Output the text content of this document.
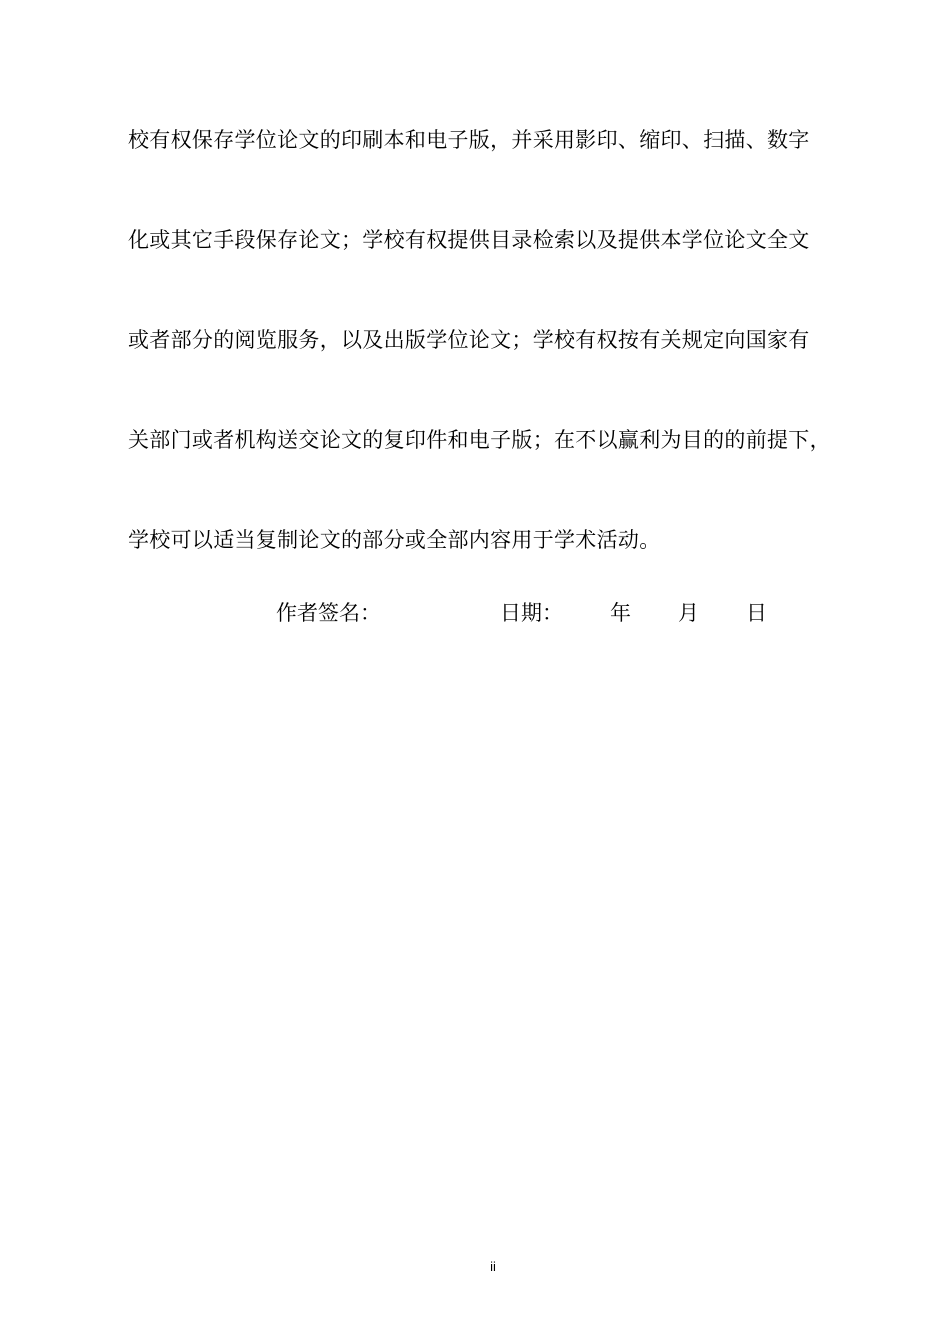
校有权保存学位论文的印刷本和电子版，并采用影印、缩印、扫描、数字
化或其它手段保存论文；学校有权提供目录检索以及提供本学位论文全文
或者部分的阅览服务，以及出版学位论文；学校有权按有关规定向国家有
关部门或者机构送交论文的复印件和电子版；在不以赢利为目的的前提下，
学校可以适当复制论文的部分或全部内容用于学术活动。
作者签名：	日期： 年 月 日
ii
